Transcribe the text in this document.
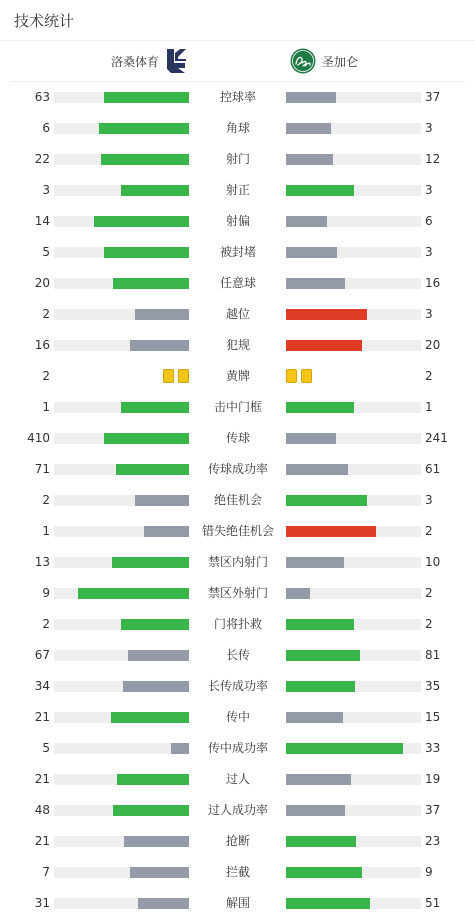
技术统计
洛桑体育	圣加仑
63	控球率	37
6	角球	3
22	射门	12
3	射正	3
14	射偏	6
5	被封堵	3
20	任意球	16
2	越位	3
16	犯规	20
2	黄牌	2
1	击中门框	1
410	传球	241
71	传球成功率	61
2	绝佳机会	3
1	错失绝佳机会	2
13	禁区内射门	10
9	禁区外射门	2
2	门将扑救	2
67	长传	81
34	长传成功率	35
21	传中	15
5	传中成功率	33
21	过人	19
48	过人成功率	37
21	抢断	23
7	拦截	9
31	解围	51
